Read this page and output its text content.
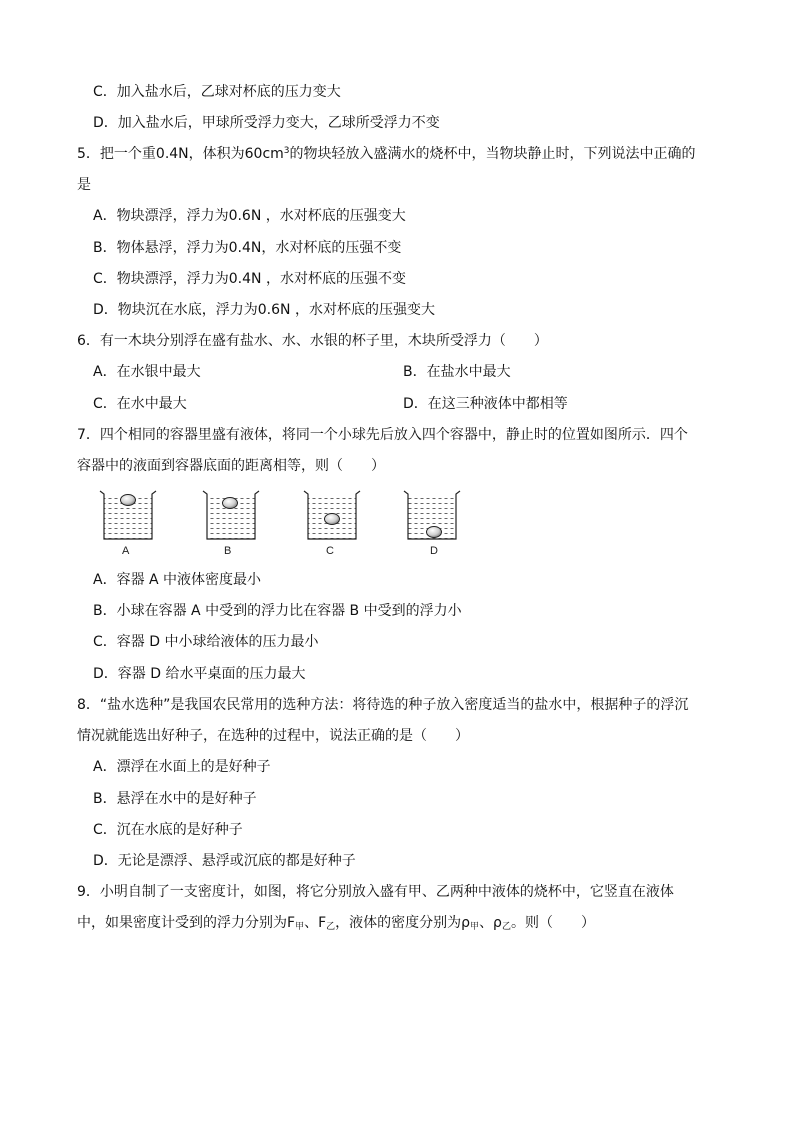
C．加入盐水后，乙球对杯底的压力变大
D．加入盐水后，甲球所受浮力变大，乙球所受浮力不变
5．把一个重0.4N，体积为$60cm^3$的物块轻放入盛满水的烧杯中，当物块静止时，下列说法中正确的
是
A．物块漂浮，浮力为0.6N ，水对杯底的压强变大
B．物体悬浮，浮力为0.4N，水对杯底的压强不变
C．物块漂浮，浮力为0.4N ，水对杯底的压强不变
D．物块沉在水底，浮力为0.6N ，水对杯底的压强变大
6．有一木块分别浮在盛有盐水、水、水银的杯子里，木块所受浮力（　　）
A．在水银中最大	B．在盐水中最大
C．在水中最大	D．在这三种液体中都相等
7．四个相同的容器里盛有液体，将同一个小球先后放入四个容器中，静止时的位置如图所示．四个
容器中的液面到容器底面的距离相等，则（　　）
A	B	C	D
A．容器 A 中液体密度最小
B．小球在容器 A 中受到的浮力比在容器 B 中受到的浮力小
C．容器 D 中小球给液体的压力最小
D．容器 D 给水平桌面的压力最大
8．“盐水选种”是我国农民常用的选种方法：将待选的种子放入密度适当的盐水中，根据种子的浮沉
情况就能选出好种子，在选种的过程中，说法正确的是（　　）
A．漂浮在水面上的是好种子
B．悬浮在水中的是好种子
C．沉在水底的是好种子
D．无论是漂浮、悬浮或沉底的都是好种子
9．小明自制了一支密度计，如图，将它分别放入盛有甲、乙两种中液体的烧杯中，它竖直在液体
中，如果密度计受到的浮力分别为$F_甲$、$F_乙$，液体的密度分别为$\rho_甲$、$\rho_乙$。则（　　）
